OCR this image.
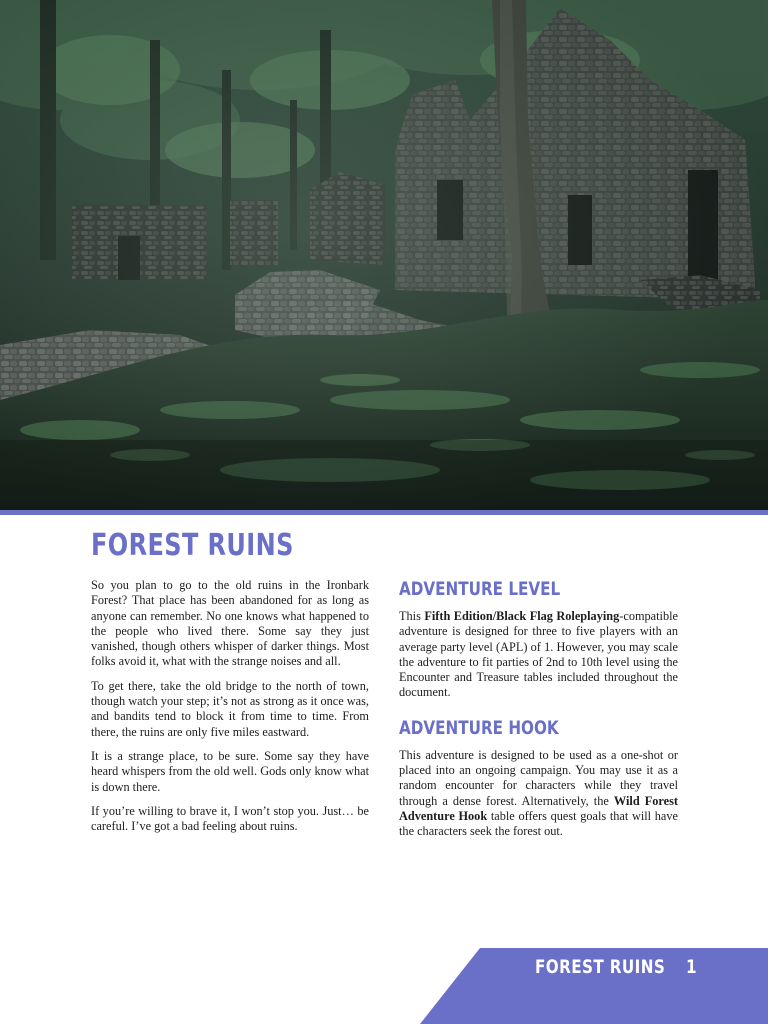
FOREST RUINS

So you plan to go to the old ruins in the Ironbark Forest? That place has been abandoned for as long as anyone can remember. No one knows what happened to the people who lived there. Some say they just vanished, though others whisper of darker things. Most folks avoid it, what with the strange noises and all.

To get there, take the old bridge to the north of town, though watch your step; it’s not as strong as it once was, and bandits tend to block it from time to time. From there, the ruins are only five miles eastward.

It is a strange place, to be sure. Some say they have heard whispers from the old well. Gods only know what is down there.

If you’re willing to brave it, I won’t stop you. Just… be careful. I’ve got a bad feeling about ruins.

ADVENTURE LEVEL

This Fifth Edition/Black Flag Roleplaying-compatible adventure is designed for three to five players with an average party level (APL) of 1. However, you may scale the adventure to fit parties of 2nd to 10th level using the Encounter and Treasure tables included throughout the document.

ADVENTURE HOOK

This adventure is designed to be used as a one-shot or placed into an ongoing campaign. You may use it as a random encounter for characters while they travel through a dense forest. Alternatively, the Wild Forest Adventure Hook table offers quest goals that will have the characters seek the forest out.

FOREST RUINS 1
